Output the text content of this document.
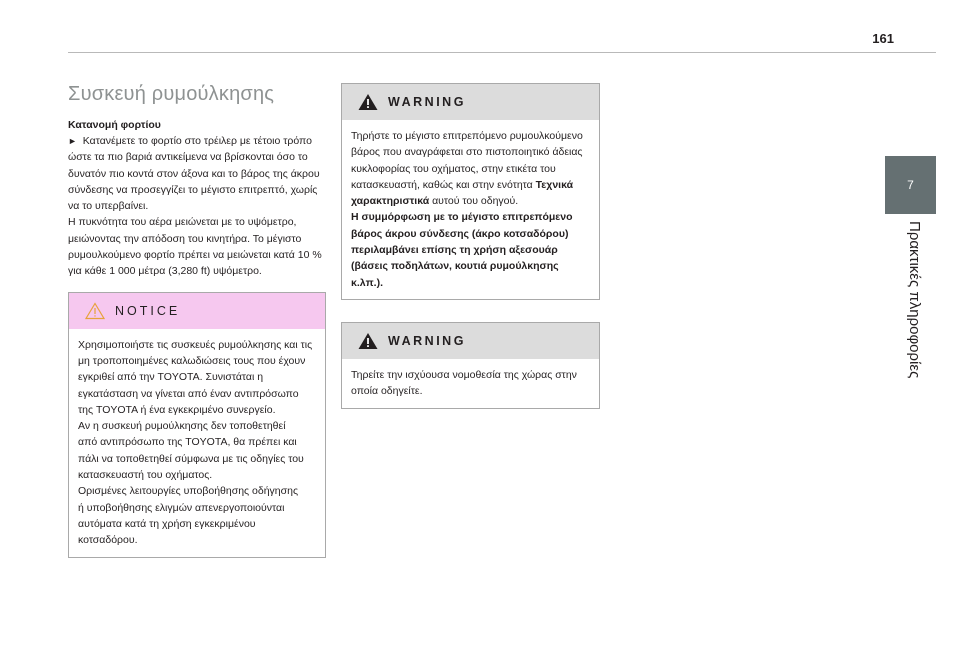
161
7
Πρακτικές πληροφορίες
Συσκευή ρυμούλκησης
Κατανομή φορτίου

► Κατανέμετε το φορτίο στο τρέιλερ με τέτοιο τρόπο

ώστε τα πιο βαριά αντικείμενα να βρίσκονται όσο το

δυνατόν πιο κοντά στον άξονα και το βάρος της άκρου

σύνδεσης να προσεγγίζει το μέγιστο επιτρεπτό, χωρίς

να το υπερβαίνει.

Η πυκνότητα του αέρα μειώνεται με το υψόμετρο,

μειώνοντας την απόδοση του κινητήρα. Το μέγιστο

ρυμουλκούμενο φορτίο πρέπει να μειώνεται κατά 10 %

για κάθε 1 000 μέτρα (3,280 ft) υψόμετρο.

NOTICE

Χρησιμοποιήστε τις συσκευές ρυμούλκησης και τις

μη τροποποιημένες καλωδιώσεις τους που έχουν

εγκριθεί από την TOYOTA. Συνιστάται η

εγκατάσταση να γίνεται από έναν αντιπρόσωπο

της TOYOTA ή ένα εγκεκριμένο συνεργείο.

Αν η συσκευή ρυμούλκησης δεν τοποθετηθεί

από αντιπρόσωπο της TOYOTA, θα πρέπει και

πάλι να τοποθετηθεί σύμφωνα με τις οδηγίες του

κατασκευαστή του οχήματος.

Ορισμένες λειτουργίες υποβοήθησης οδήγησης

ή υποβοήθησης ελιγμών απενεργοποιούνται

αυτόματα κατά τη χρήση εγκεκριμένου

κοτσαδόρου.

WARNING

Τηρήστε το μέγιστο επιτρεπόμενο ρυμουλκούμενο

βάρος που αναγράφεται στο πιστοποιητικό άδειας

κυκλοφορίας του οχήματος, στην ετικέτα του

κατασκευαστή, καθώς και στην ενότητα Τεχνικά

χαρακτηριστικά αυτού του οδηγού.

Η συμμόρφωση με το μέγιστο επιτρεπόμενο

βάρος άκρου σύνδεσης (άκρο κοτσαδόρου)

περιλαμβάνει επίσης τη χρήση αξεσουάρ

(βάσεις ποδηλάτων, κουτιά ρυμούλκησης

κ.λπ.).

WARNING

Τηρείτε την ισχύουσα νομοθεσία της χώρας στην

οποία οδηγείτε.
